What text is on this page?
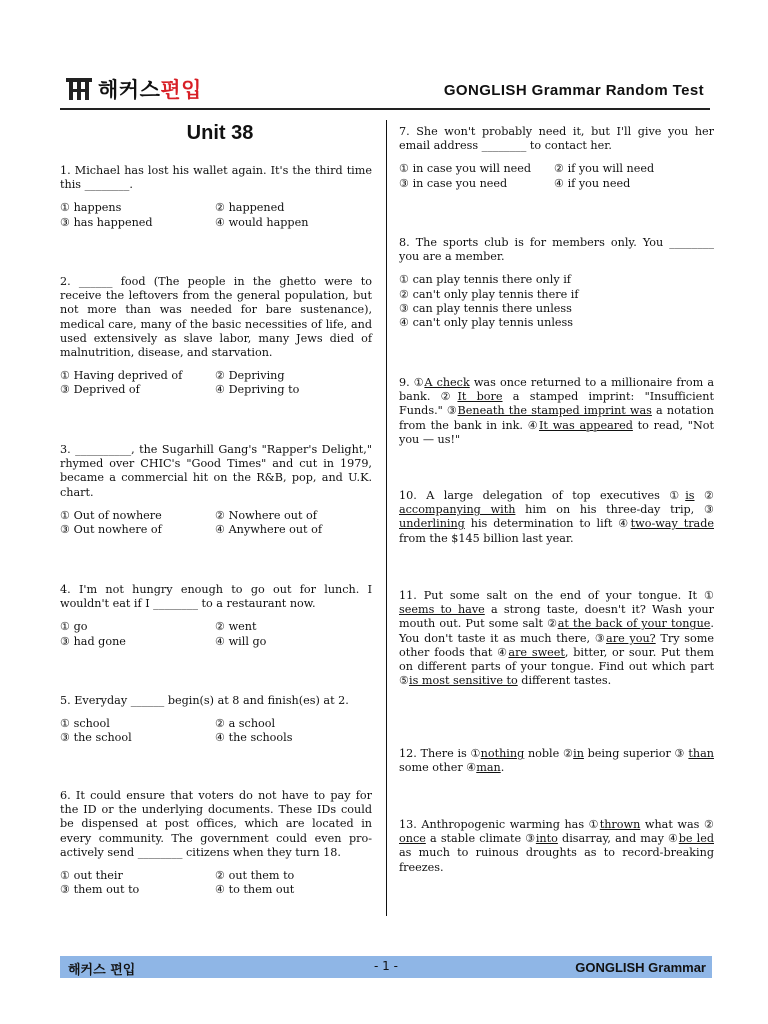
해커스편입	GONGLISH Grammar Random Test
Unit 38

1. Michael has lost his wallet again. It's the third time this ________.

① happens	② happened
③ has happened	④ would happen

2. ______ food (The people in the ghetto were to receive the leftovers from the general population, but not more than was needed for bare sustenance), medical care, many of the basic necessities of life, and used extensively as slave labor, many Jews died of malnutrition, disease, and starvation.

① Having deprived of	② Depriving
③ Deprived of	④ Depriving to

3. __________, the Sugarhill Gang's "Rapper's Delight," rhymed over CHIC's "Good Times" and cut in 1979, became a commercial hit on the R&B, pop, and U.K. chart.

① Out of nowhere	② Nowhere out of
③ Out nowhere of	④ Anywhere out of

4. I'm not hungry enough to go out for lunch. I wouldn't eat if I ________ to a restaurant now.

① go	② went
③ had gone	④ will go

5. Everyday ______ begin(s) at 8 and finish(es) at 2.

① school	② a school
③ the school	④ the schools

6. It could ensure that voters do not have to pay for the ID or the underlying documents. These IDs could be dispensed at post offices, which are located in every community. The government could even pro-actively send ________ citizens when they turn 18.

① out their	② out them to
③ them out to	④ to them out

7. She won't probably need it, but I'll give you her email address ________ to contact her.

① in case you will need	② if you will need
③ in case you need	④ if you need

8. The sports club is for members only. You ________ you are a member.

① can play tennis there only if
② can't only play tennis there if
③ can play tennis there unless
④ can't only play tennis unless

9. ①A check was once returned to a millionaire from a bank. ②It bore a stamped imprint: "Insufficient Funds." ③Beneath the stamped imprint was a notation from the bank in ink. ④It was appeared to read, "Not you — us!"

10. A large delegation of top executives ①is ② accompanying with him on his three-day trip, ③ underlining his determination to lift ④two-way trade from the $145 billion last year.

11. Put some salt on the end of your tongue. It ① seems to have a strong taste, doesn't it? Wash your mouth out. Put some salt ②at the back of your tongue. You don't taste it as much there, ③are you? Try some other foods that ④are sweet, bitter, or sour. Put them on different parts of your tongue. Find out which part ⑤is most sensitive to different tastes.

12. There is ①nothing noble ②in being superior ③ than some other ④man.

13. Anthropogenic warming has ①thrown what was ② once a stable climate ③into disarray, and may ④be led as much to ruinous droughts as to record-breaking freezes.

해커스 편입	- 1 -	GONGLISH Grammar
